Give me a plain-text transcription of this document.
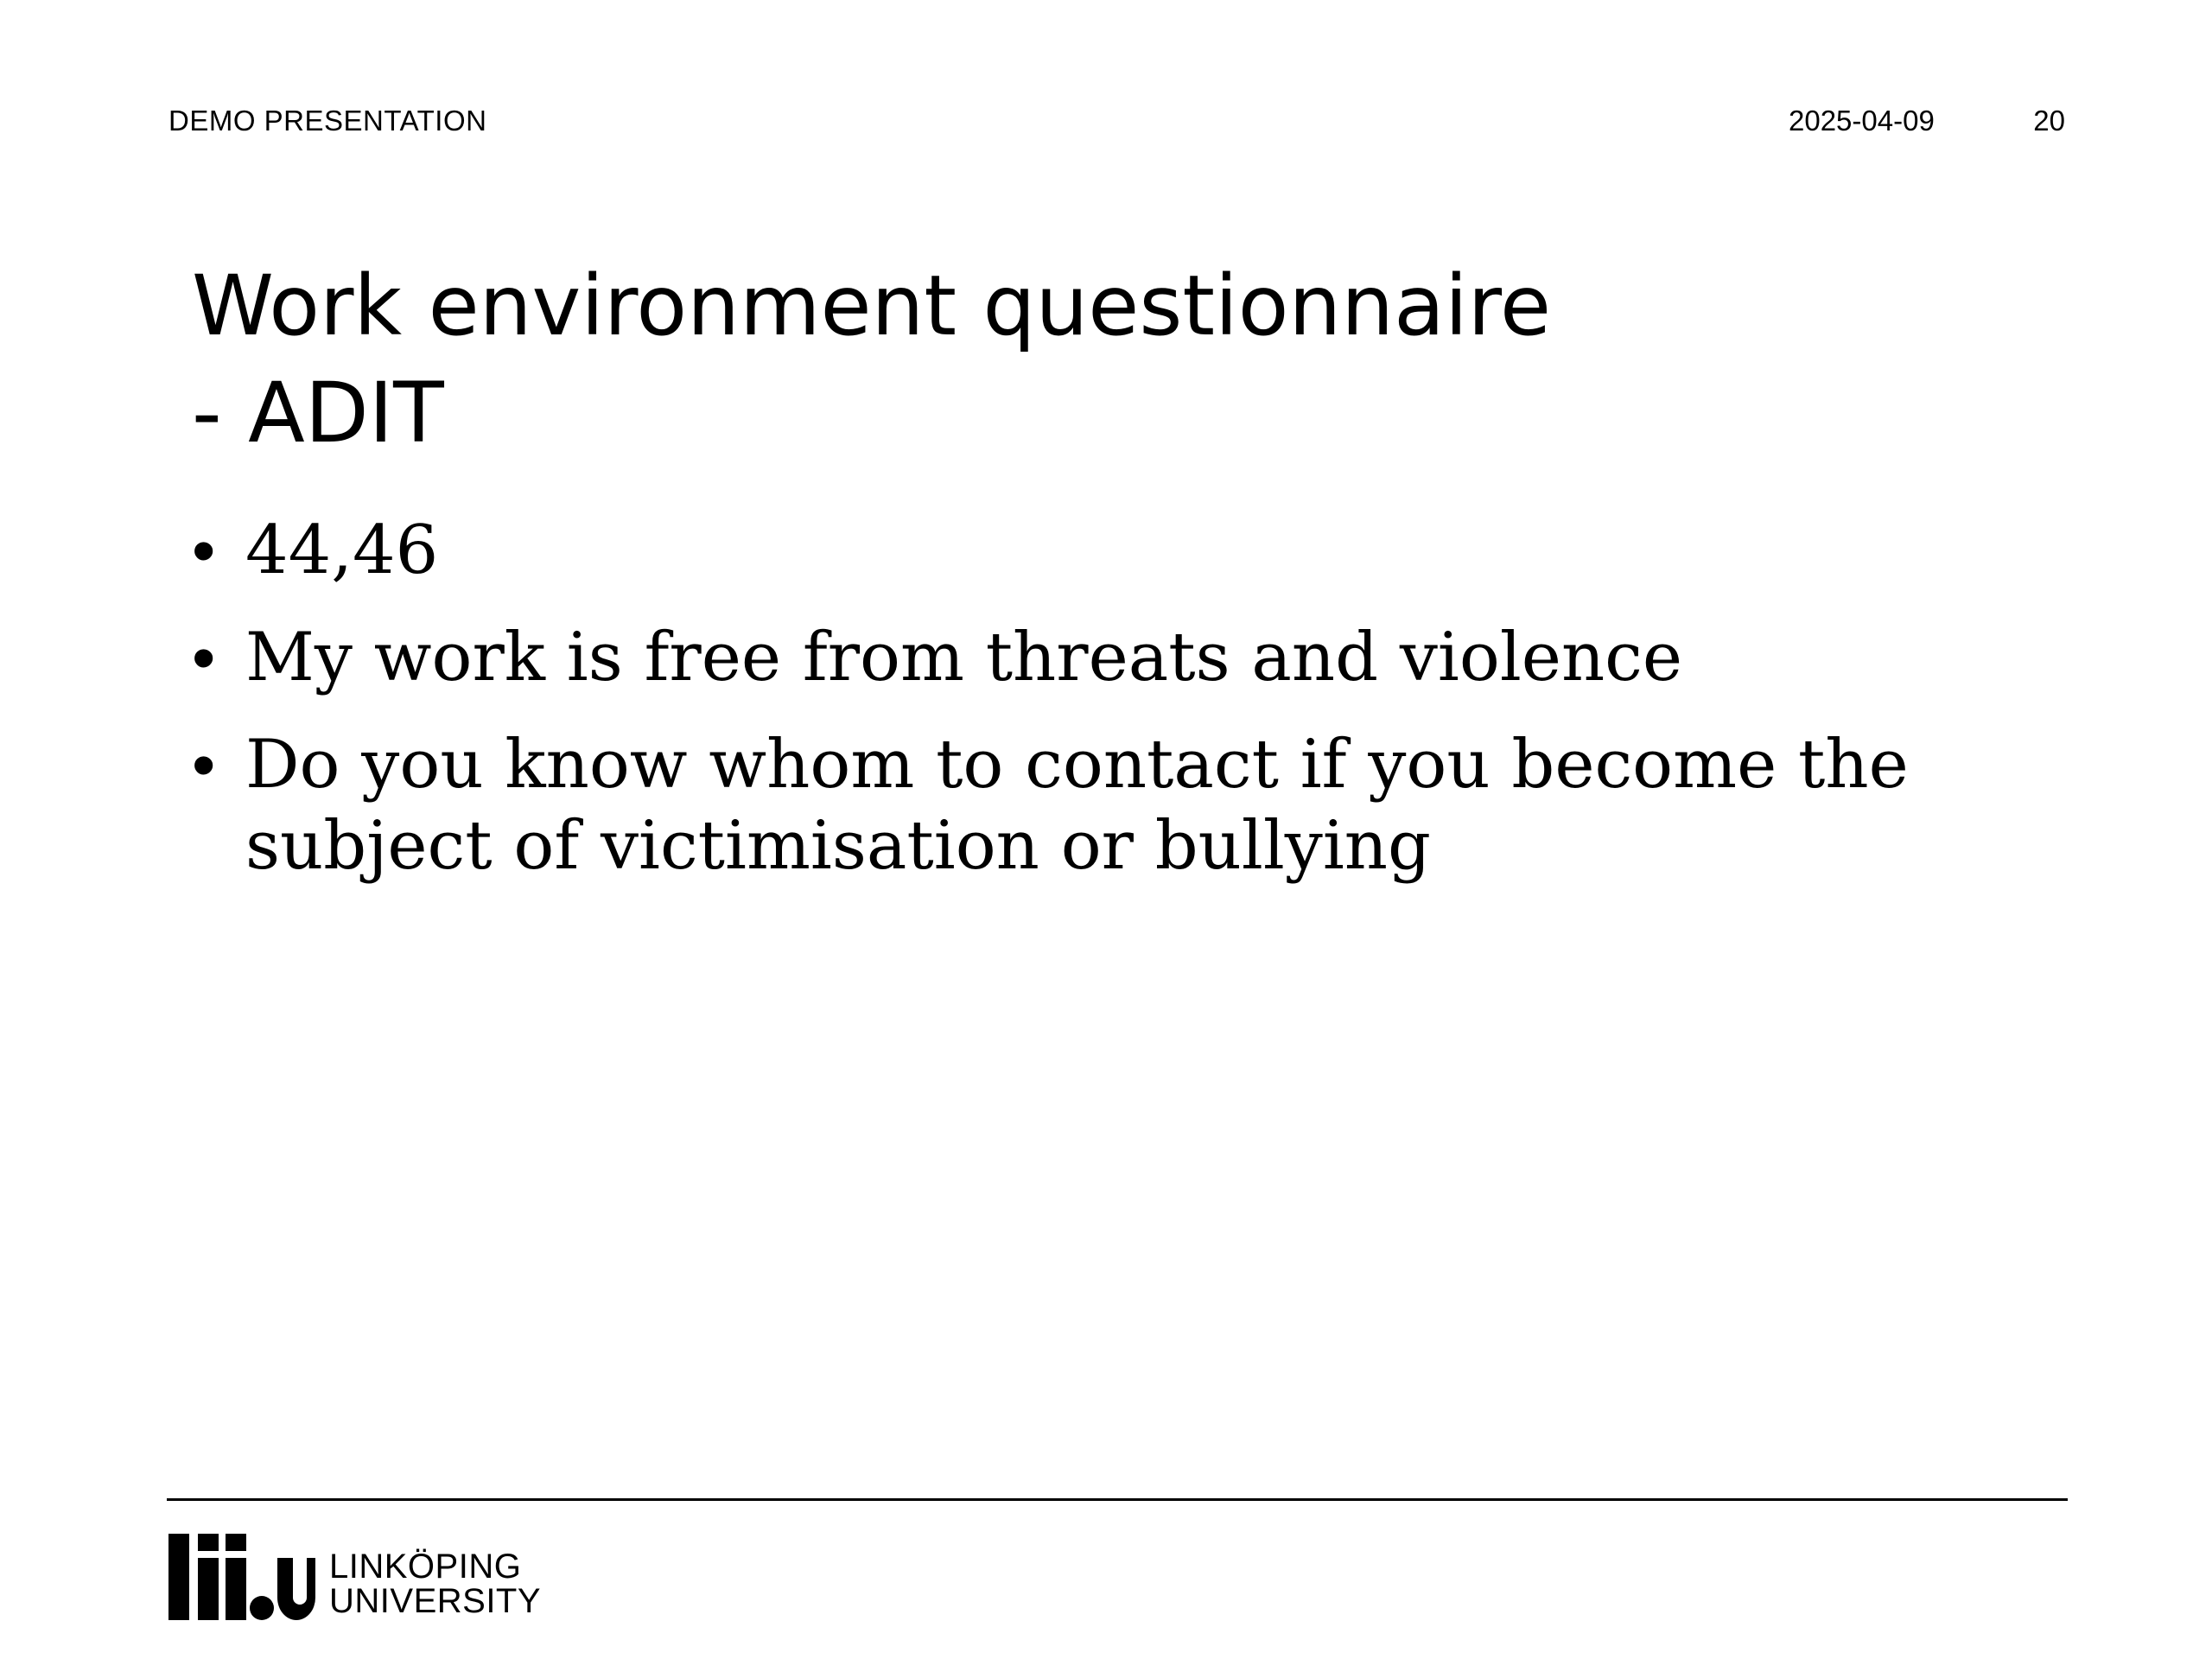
DEMO PRESENTATION	2025-04-09	20
Work environment questionnaire
- ADIT
• 44,46
• My work is free from threats and violence
• Do you know whom to contact if you become the subject of victimisation or bullying
LINKÖPING
UNIVERSITY
